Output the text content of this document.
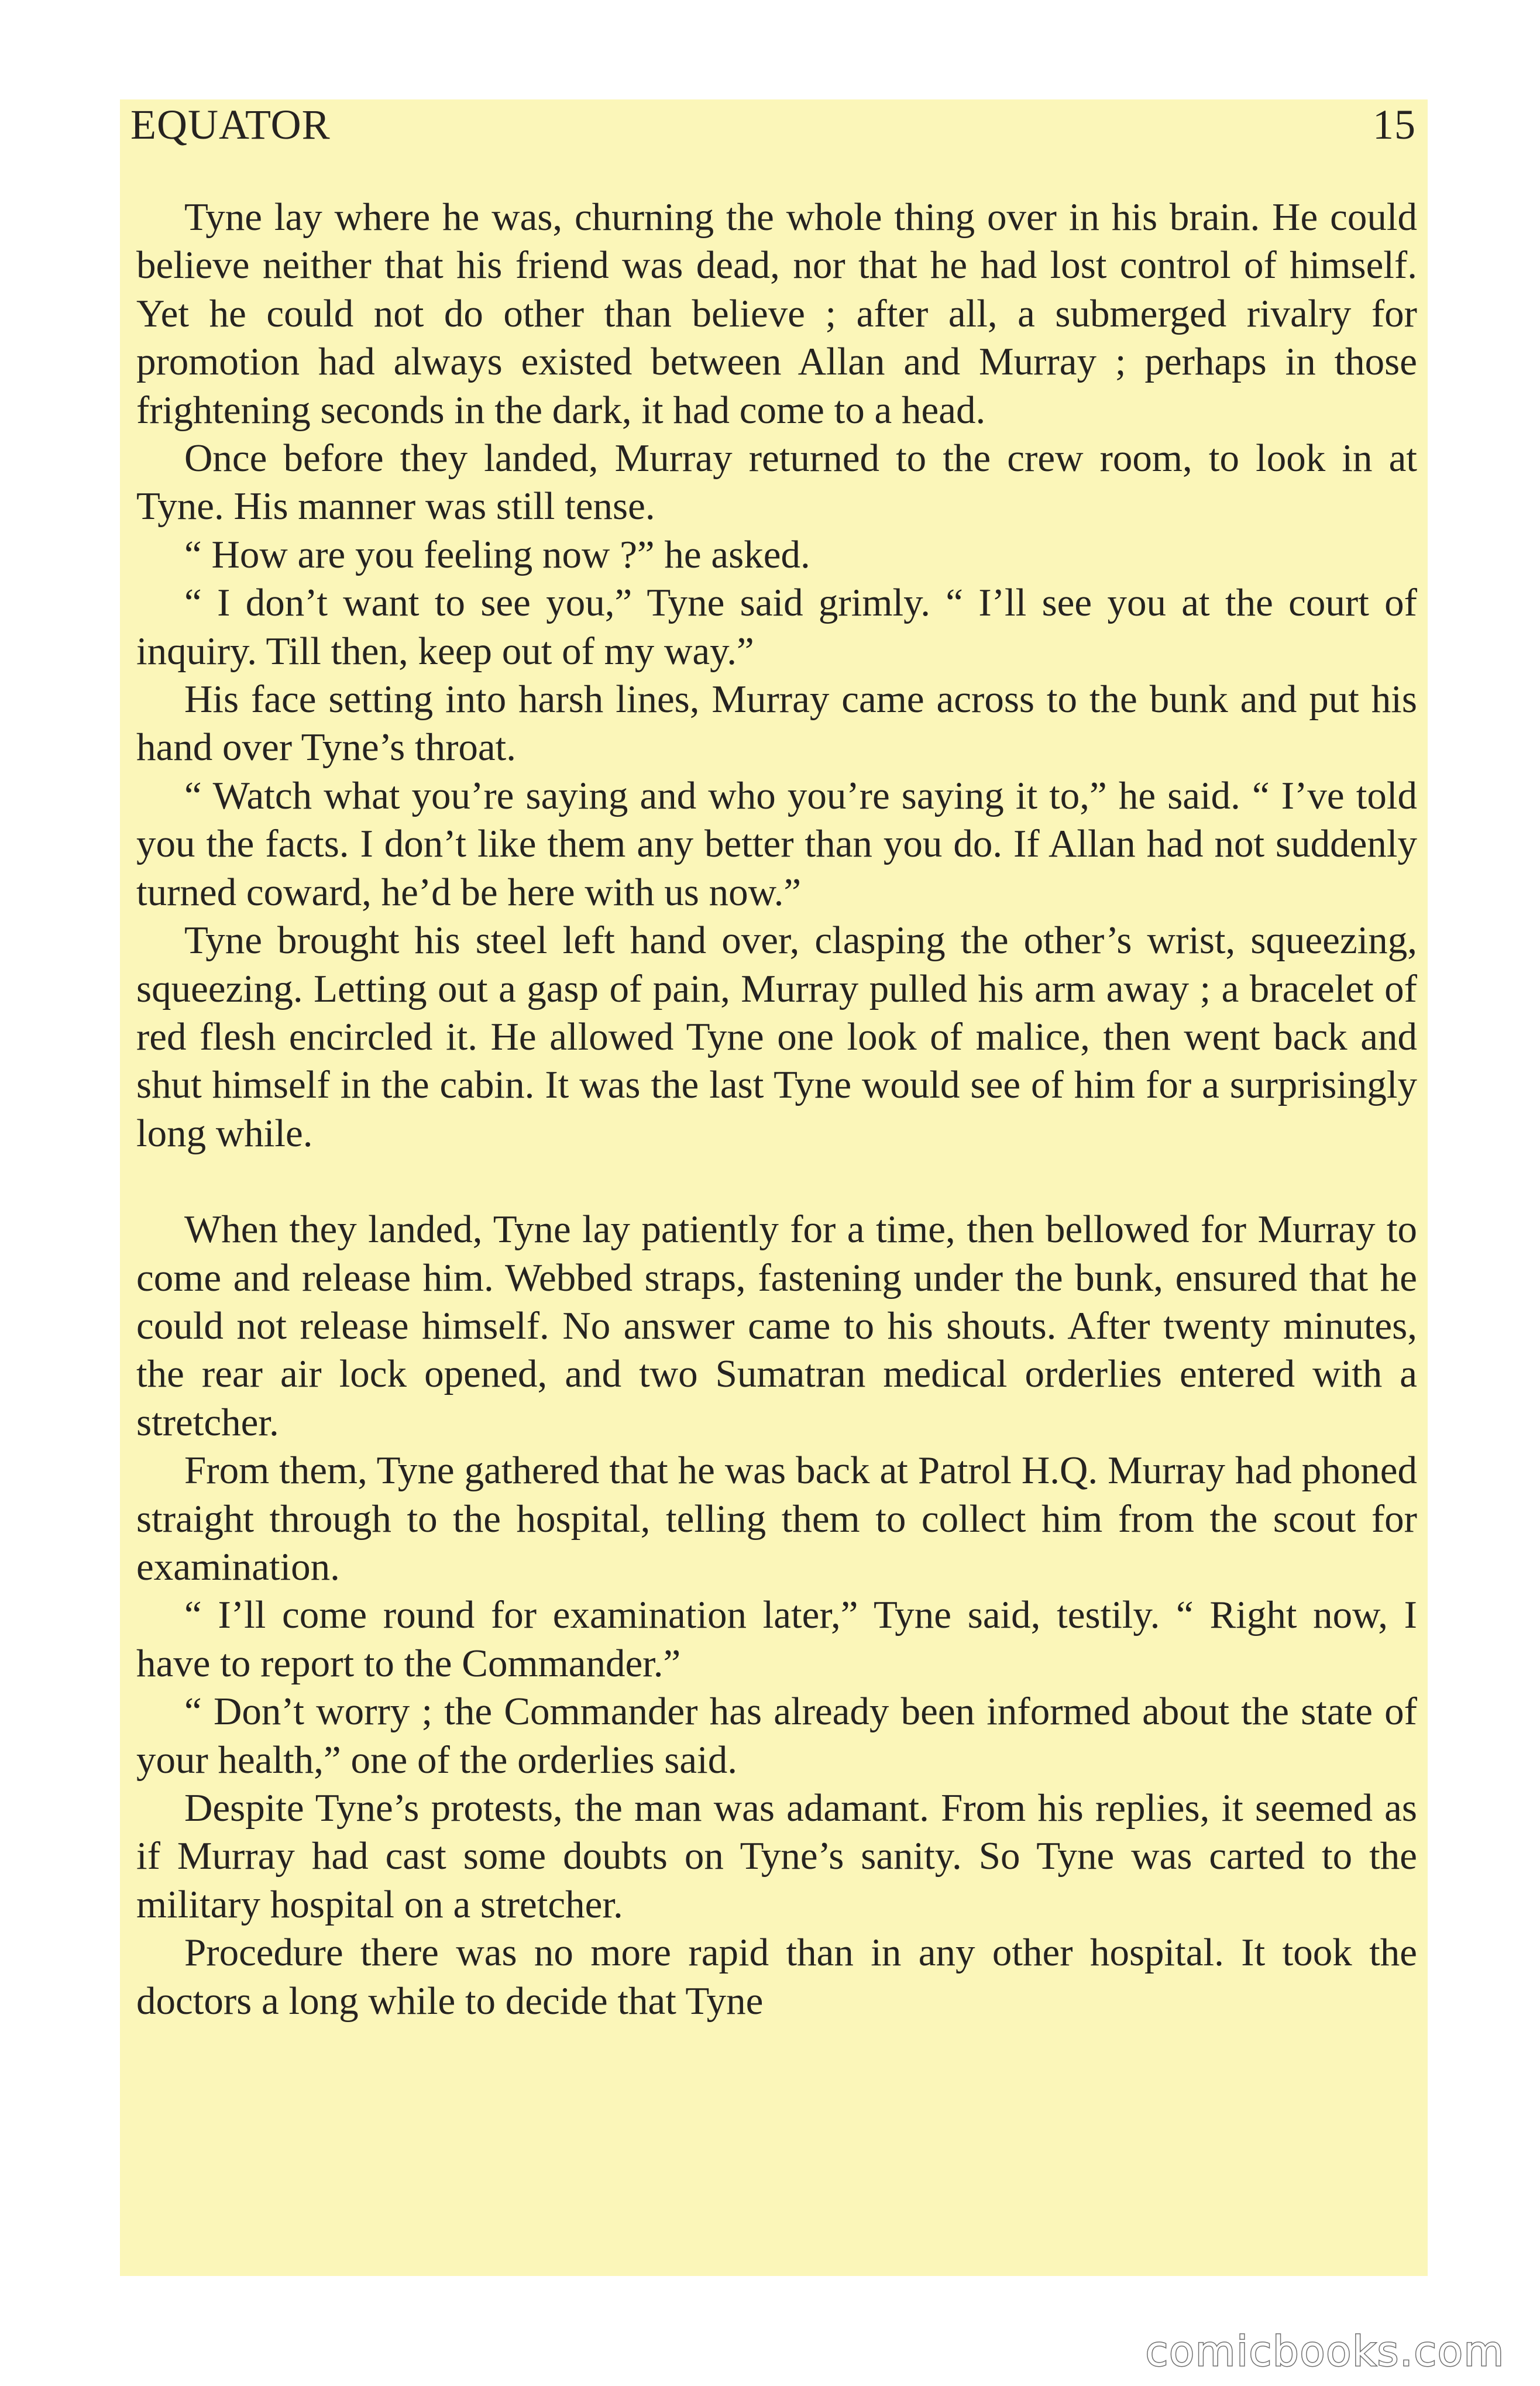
EQUATOR	15

Tyne lay where he was, churning the whole thing over in his brain. He could believe neither that his friend was dead, nor that he had lost control of himself. Yet he could not do other than believe ; after all, a submerged rivalry for promotion had always existed between Allan and Murray ; perhaps in those frightening seconds in the dark, it had come to a head.

Once before they landed, Murray returned to the crew room, to look in at Tyne. His manner was still tense.

“ How are you feeling now ?” he asked.

“ I don’t want to see you,” Tyne said grimly. “ I’ll see you at the court of inquiry. Till then, keep out of my way.”

His face setting into harsh lines, Murray came across to the bunk and put his hand over Tyne’s throat.

“ Watch what you’re saying and who you’re saying it to,” he said. “ I’ve told you the facts. I don’t like them any better than you do. If Allan had not suddenly turned coward, he’d be here with us now.”

Tyne brought his steel left hand over, clasping the other’s wrist, squeezing, squeezing. Letting out a gasp of pain, Murray pulled his arm away ; a bracelet of red flesh encircled it. He allowed Tyne one look of malice, then went back and shut himself in the cabin. It was the last Tyne would see of him for a surprisingly long while.

When they landed, Tyne lay patiently for a time, then bellowed for Murray to come and release him. Webbed straps, fastening under the bunk, ensured that he could not release himself. No answer came to his shouts. After twenty minutes, the rear air lock opened, and two Sumatran medical orderlies entered with a stretcher.

From them, Tyne gathered that he was back at Patrol H.Q. Murray had phoned straight through to the hospital, telling them to collect him from the scout for examination.

“ I’ll come round for examination later,” Tyne said, testily. “ Right now, I have to report to the Commander.”

“ Don’t worry ; the Commander has already been informed about the state of your health,” one of the orderlies said.

Despite Tyne’s protests, the man was adamant. From his replies, it seemed as if Murray had cast some doubts on Tyne’s sanity. So Tyne was carted to the military hospital on a stretcher.

Procedure there was no more rapid than in any other hospital. It took the doctors a long while to decide that Tyne

comicbooks.com
